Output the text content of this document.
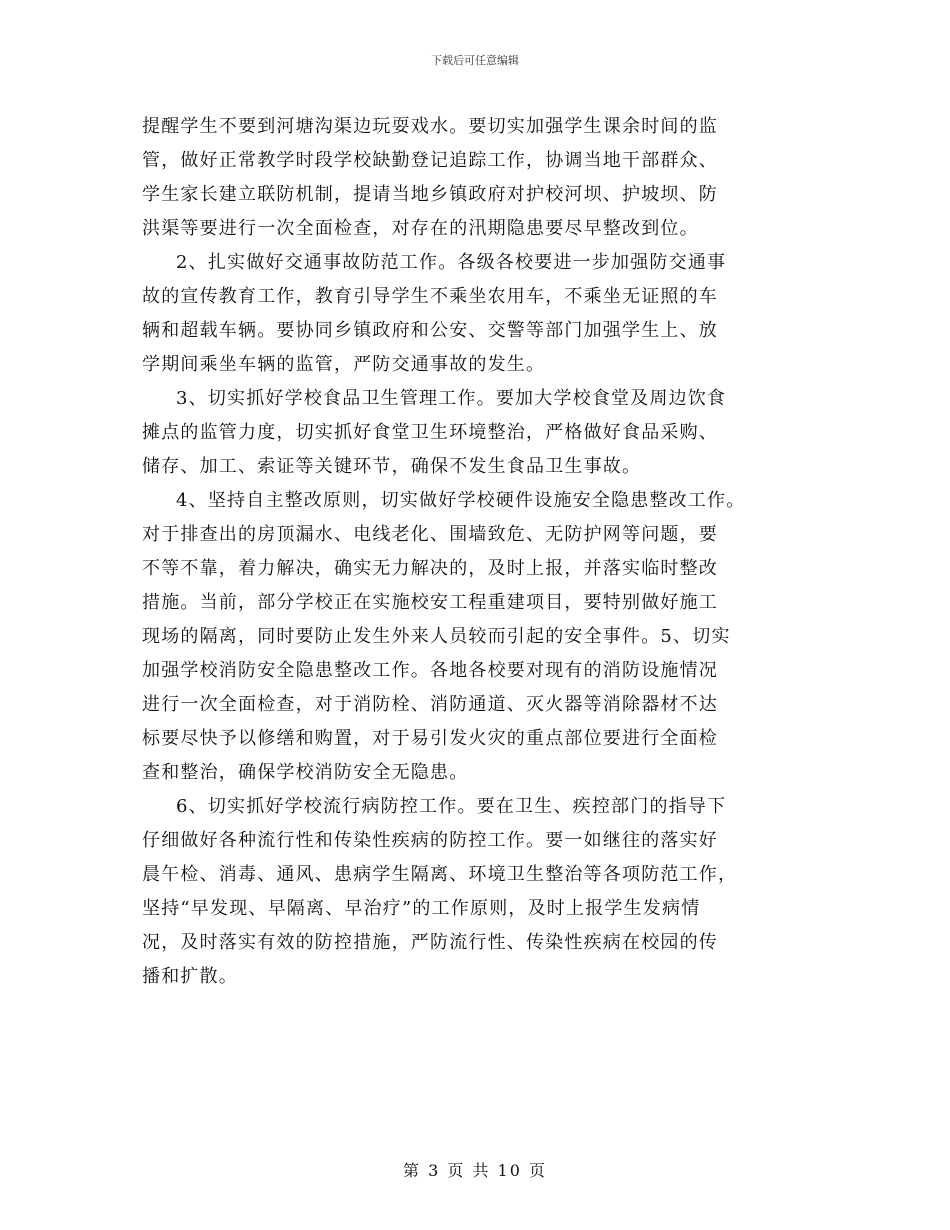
下载后可任意编辑
提醒学生不要到河塘沟渠边玩耍戏水。要切实加强学生课余时间的监
管，做好正常教学时段学校缺勤登记追踪工作，协调当地干部群众、
学生家长建立联防机制，提请当地乡镇政府对护校河坝、护坡坝、防
洪渠等要进行一次全面检查，对存在的汛期隐患要尽早整改到位。
2、扎实做好交通事故防范工作。各级各校要进一步加强防交通事
故的宣传教育工作，教育引导学生不乘坐农用车，不乘坐无证照的车
辆和超载车辆。要协同乡镇政府和公安、交警等部门加强学生上、放
学期间乘坐车辆的监管，严防交通事故的发生。
3、切实抓好学校食品卫生管理工作。要加大学校食堂及周边饮食
摊点的监管力度，切实抓好食堂卫生环境整治，严格做好食品采购、
储存、加工、索证等关键环节，确保不发生食品卫生事故。
4、坚持自主整改原则，切实做好学校硬件设施安全隐患整改工作。
对于排查出的房顶漏水、电线老化、围墙致危、无防护网等问题，要
不等不靠，着力解决，确实无力解决的，及时上报，并落实临时整改
措施。当前，部分学校正在实施校安工程重建项目，要特别做好施工
现场的隔离，同时要防止发生外来人员较而引起的安全事件。5、切实
加强学校消防安全隐患整改工作。各地各校要对现有的消防设施情况
进行一次全面检查，对于消防栓、消防通道、灭火器等消除器材不达
标要尽快予以修缮和购置，对于易引发火灾的重点部位要进行全面检
查和整治，确保学校消防安全无隐患。
6、切实抓好学校流行病防控工作。要在卫生、疾控部门的指导下
仔细做好各种流行性和传染性疾病的防控工作。要一如继往的落实好
晨午检、消毒、通风、患病学生隔离、环境卫生整治等各项防范工作，
坚持“早发现、早隔离、早治疗”的工作原则，及时上报学生发病情
况，及时落实有效的防控措施，严防流行性、传染性疾病在校园的传
播和扩散。
第 3 页 共 10 页
